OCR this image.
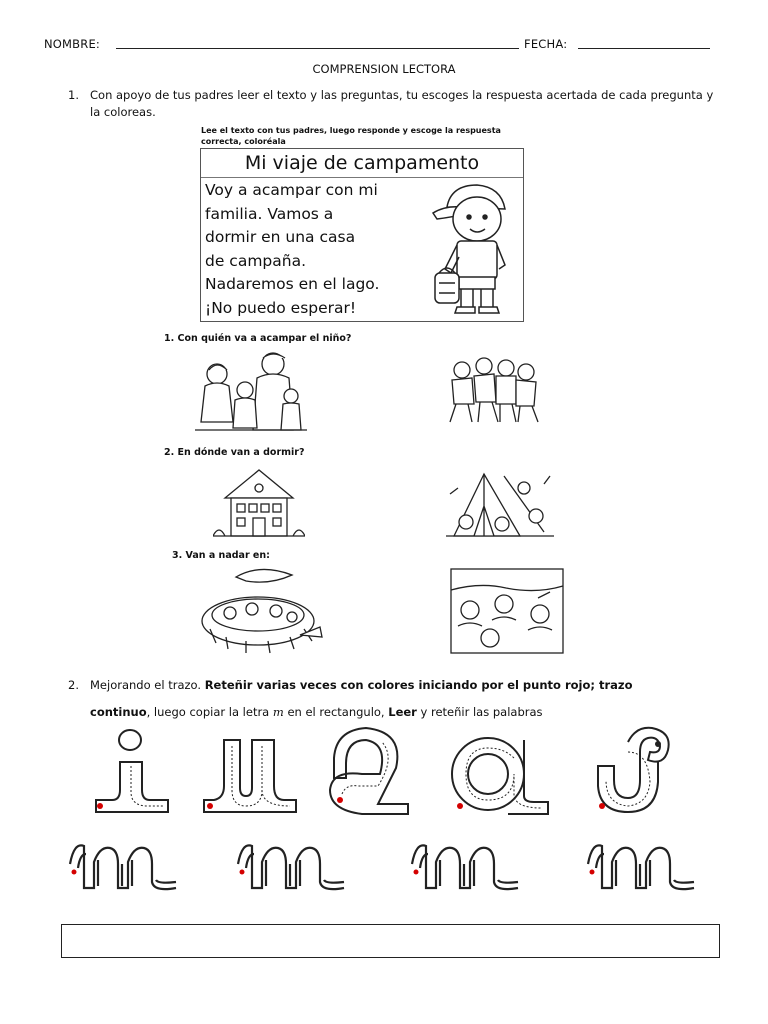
NOMBRE:	FECHA:
COMPRENSION LECTORA
1. Con apoyo de tus padres leer el texto y las preguntas, tu escoges la respuesta acertada de cada pregunta y la coloreas.
Lee el texto con tus padres, luego responde y escoge la respuesta
correcta, coloréala
Mi viaje de campamento
Voy a acampar con mi
familia. Vamos a
dormir en una casa
de campaña.
Nadaremos en el lago.
¡No puedo esperar!
1. Con quién va a acampar el niño?
2. En dónde van a dormir?
3. Van a nadar en:
2. Mejorando el trazo. Reteñir varias veces con colores iniciando por el punto rojo; trazo
continuo, luego copiar la letra m en el rectangulo, Leer y reteñir las palabras
